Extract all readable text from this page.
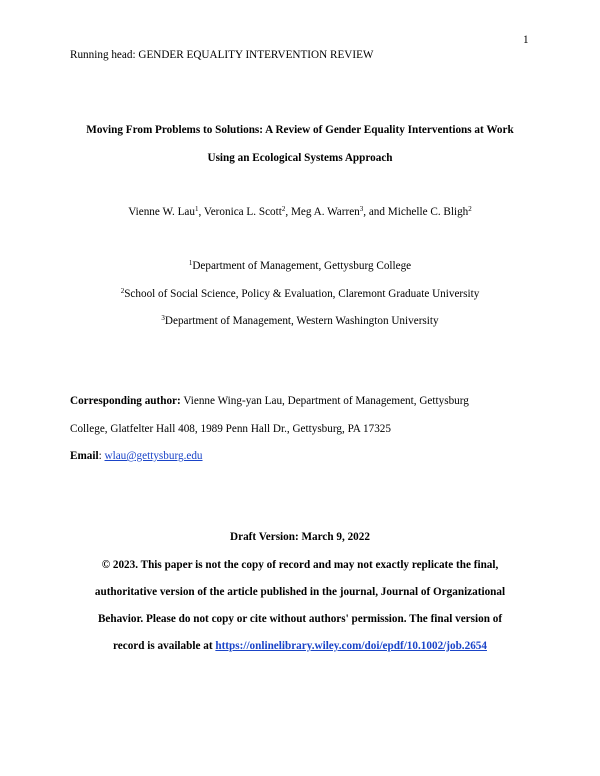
1
Running head: GENDER EQUALITY INTERVENTION REVIEW
Moving From Problems to Solutions: A Review of Gender Equality Interventions at Work
Using an Ecological Systems Approach
Vienne W. Lau$^1$, Veronica L. Scott$^2$, Meg A. Warren$^3$, and Michelle C. Bligh$^2$
$^1$Department of Management, Gettysburg College
$^2$School of Social Science, Policy & Evaluation, Claremont Graduate University
$^3$Department of Management, Western Washington University
Corresponding author: Vienne Wing-yan Lau, Department of Management, Gettysburg
College, Glatfelter Hall 408, 1989 Penn Hall Dr., Gettysburg, PA 17325
Email: wlau@gettysburg.edu
Draft Version: March 9, 2022
© 2023. This paper is not the copy of record and may not exactly replicate the final,
authoritative version of the article published in the journal, Journal of Organizational
Behavior. Please do not copy or cite without authors' permission. The final version of
record is available at https://onlinelibrary.wiley.com/doi/epdf/10.1002/job.2654
